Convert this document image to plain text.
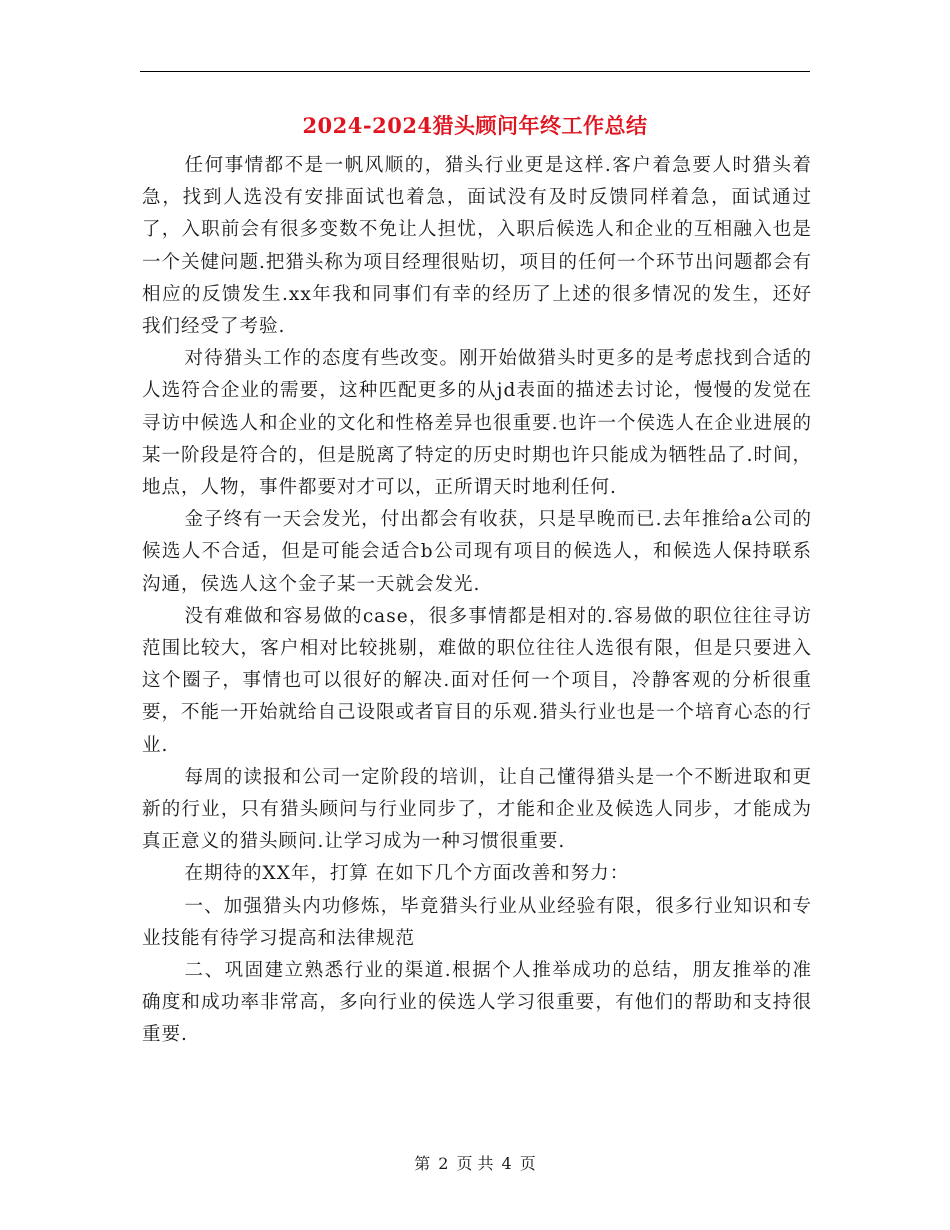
2024-2024猎头顾问年终工作总结

任何事情都不是一帆风顺的，猎头行业更是这样.客户着急要人时猎头着急，找到人选没有安排面试也着急，面试没有及时反馈同样着急，面试通过了，入职前会有很多变数不免让人担忧，入职后候选人和企业的互相融入也是一个关健问题.把猎头称为项目经理很贴切，项目的任何一个环节出问题都会有相应的反馈发生.xx年我和同事们有幸的经历了上述的很多情况的发生，还好我们经受了考验.

对待猎头工作的态度有些改变。刚开始做猎头时更多的是考虑找到合适的人选符合企业的需要，这种匹配更多的从jd表面的描述去讨论，慢慢的发觉在寻访中候选人和企业的文化和性格差异也很重要.也许一个侯选人在企业进展的某一阶段是符合的，但是脱离了特定的历史时期也许只能成为牺牲品了.时间，地点，人物，事件都要对才可以，正所谓天时地利任何.

金子终有一天会发光，付出都会有收获，只是早晚而已.去年推给a公司的候选人不合适，但是可能会适合b公司现有项目的候选人，和候选人保持联系沟通，侯选人这个金子某一天就会发光.

没有难做和容易做的case，很多事情都是相对的.容易做的职位往往寻访范围比较大，客户相对比较挑剔，难做的职位往往人选很有限，但是只要进入这个圈子，事情也可以很好的解决.面对任何一个项目，冷静客观的分析很重要，不能一开始就给自己设限或者盲目的乐观.猎头行业也是一个培育心态的行业.

每周的读报和公司一定阶段的培训，让自己懂得猎头是一个不断进取和更新的行业，只有猎头顾问与行业同步了，才能和企业及候选人同步，才能成为真正意义的猎头顾问.让学习成为一种习惯很重要.

在期待的XX年，打算 在如下几个方面改善和努力：

一、加强猎头内功修炼，毕竟猎头行业从业经验有限，很多行业知识和专业技能有待学习提高和法律规范

二、巩固建立熟悉行业的渠道.根据个人推举成功的总结，朋友推举的准确度和成功率非常高，多向行业的侯选人学习很重要，有他们的帮助和支持很重要.

第 2 页 共 4 页
